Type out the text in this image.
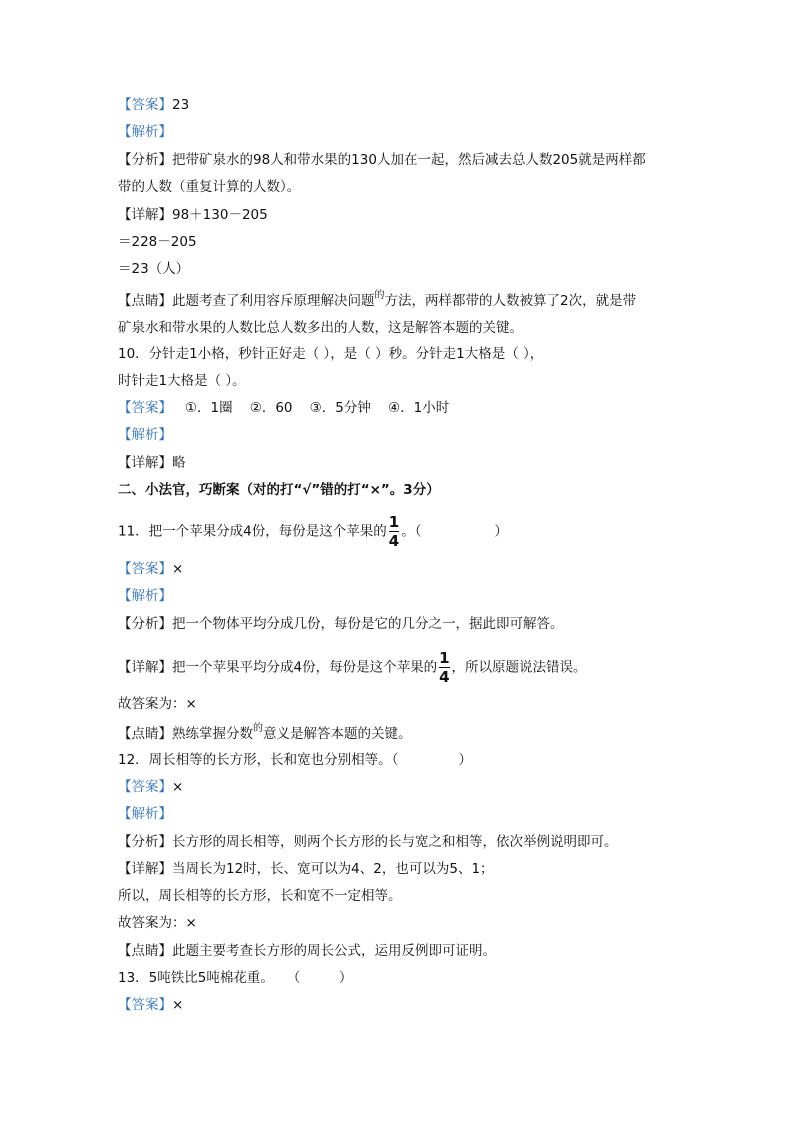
【答案】23
【解析】
【分析】把带矿泉水的98人和带水果的130人加在一起，然后减去总人数205就是两样都
带的人数（重复计算的人数）。
【详解】98＋130－205
＝228－205
＝23（人）
【点睛】此题考查了利用容斥原理解决问题$^的$方法，两样都带的人数被算了2次，就是带
矿泉水和带水果的人数比总人数多出的人数，这是解答本题的关键。
10．分针走1小格，秒针正好走（ ），是（ ）秒。分针走1大格是（ ），
时针走1大格是（ ）。
【答案】   ①．1圈    ②．60    ③．5分钟    ④．1小时
【解析】
【详解】略
二、小法官，巧断案（对的打“√”错的打“×”。3分）
11．把一个苹果分成4份，每份是这个苹果的 $\frac{1}{4}$ 。（                 ）
【答案】×
【解析】
【分析】把一个物体平均分成几份，每份是它的几分之一，据此即可解答。
【详解】把一个苹果平均分成4份，每份是这个苹果的 $\frac{1}{4}$ ，所以原题说法错误。
故答案为：×
【点睛】熟练掌握分数$^的$意义是解答本题的关键。
12．周长相等的长方形，长和宽也分别相等。（              ）
【答案】×
【解析】
【分析】长方形的周长相等，则两个长方形的长与宽之和相等，依次举例说明即可。
【详解】当周长为12时，长、宽可以为4、2，也可以为5、1；
所以，周长相等的长方形，长和宽不一定相等。
故答案为：×
【点睛】此题主要考查长方形的周长公式，运用反例即可证明。
13．5吨铁比5吨棉花重。   （         ）
【答案】×
